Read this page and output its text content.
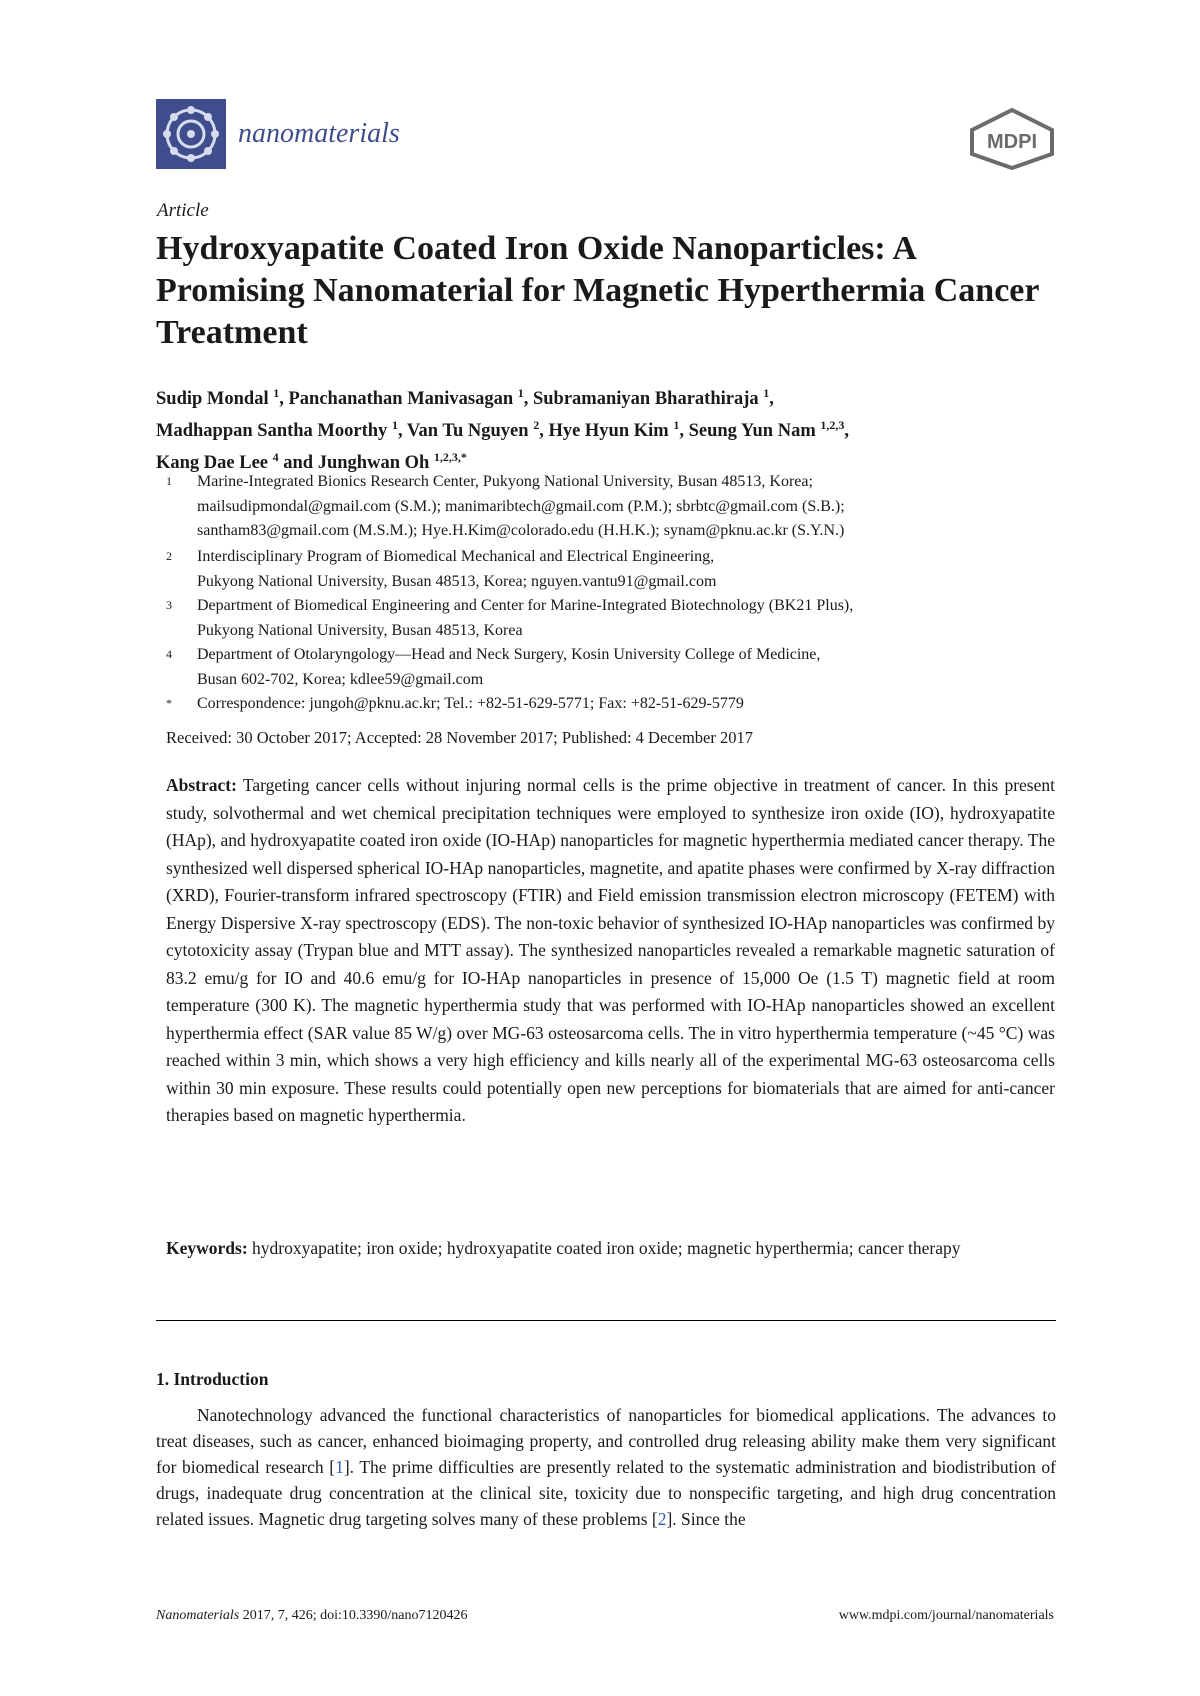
nanomaterials	MDPI
Article
Hydroxyapatite Coated Iron Oxide Nanoparticles: A Promising Nanomaterial for Magnetic Hyperthermia Cancer Treatment
Sudip Mondal $^1$, Panchanathan Manivasagan $^1$, Subramaniyan Bharathiraja $^1$,
Madhappan Santha Moorthy $^1$, Van Tu Nguyen $^2$, Hye Hyun Kim $^1$, Seung Yun Nam $^{1,2,3}$,
Kang Dae Lee $^4$ and Junghwan Oh $^{1,2,3,*}$
1 Marine-Integrated Bionics Research Center, Pukyong National University, Busan 48513, Korea;
mailsudipmondal@gmail.com (S.M.); manimaribtech@gmail.com (P.M.); sbrbtc@gmail.com (S.B.);
santham83@gmail.com (M.S.M.); Hye.H.Kim@colorado.edu (H.H.K.); synam@pknu.ac.kr (S.Y.N.)
2 Interdisciplinary Program of Biomedical Mechanical and Electrical Engineering,
Pukyong National University, Busan 48513, Korea; nguyen.vantu91@gmail.com
3 Department of Biomedical Engineering and Center for Marine-Integrated Biotechnology (BK21 Plus),
Pukyong National University, Busan 48513, Korea
4 Department of Otolaryngology—Head and Neck Surgery, Kosin University College of Medicine,
Busan 602-702, Korea; kdlee59@gmail.com
* Correspondence: jungoh@pknu.ac.kr; Tel.: +82-51-629-5771; Fax: +82-51-629-5779
Received: 30 October 2017; Accepted: 28 November 2017; Published: 4 December 2017
Abstract: Targeting cancer cells without injuring normal cells is the prime objective in treatment of cancer. In this present study, solvothermal and wet chemical precipitation techniques were employed to synthesize iron oxide (IO), hydroxyapatite (HAp), and hydroxyapatite coated iron oxide (IO-HAp) nanoparticles for magnetic hyperthermia mediated cancer therapy. The synthesized well dispersed spherical IO-HAp nanoparticles, magnetite, and apatite phases were confirmed by X-ray diffraction (XRD), Fourier-transform infrared spectroscopy (FTIR) and Field emission transmission electron microscopy (FETEM) with Energy Dispersive X-ray spectroscopy (EDS). The non-toxic behavior of synthesized IO-HAp nanoparticles was confirmed by cytotoxicity assay (Trypan blue and MTT assay). The synthesized nanoparticles revealed a remarkable magnetic saturation of 83.2 emu/g for IO and 40.6 emu/g for IO-HAp nanoparticles in presence of 15,000 Oe (1.5 T) magnetic field at room temperature (300 K). The magnetic hyperthermia study that was performed with IO-HAp nanoparticles showed an excellent hyperthermia effect (SAR value 85 W/g) over MG-63 osteosarcoma cells. The in vitro hyperthermia temperature (~45 °C) was reached within 3 min, which shows a very high efficiency and kills nearly all of the experimental MG-63 osteosarcoma cells within 30 min exposure. These results could potentially open new perceptions for biomaterials that are aimed for anti-cancer therapies based on magnetic hyperthermia.
Keywords: hydroxyapatite; iron oxide; hydroxyapatite coated iron oxide; magnetic hyperthermia; cancer therapy
1. Introduction
Nanotechnology advanced the functional characteristics of nanoparticles for biomedical applications. The advances to treat diseases, such as cancer, enhanced bioimaging property, and controlled drug releasing ability make them very significant for biomedical research [1]. The prime difficulties are presently related to the systematic administration and biodistribution of drugs, inadequate drug concentration at the clinical site, toxicity due to nonspecific targeting, and high drug concentration related issues. Magnetic drug targeting solves many of these problems [2]. Since the
Nanomaterials 2017, 7, 426; doi:10.3390/nano7120426	www.mdpi.com/journal/nanomaterials
